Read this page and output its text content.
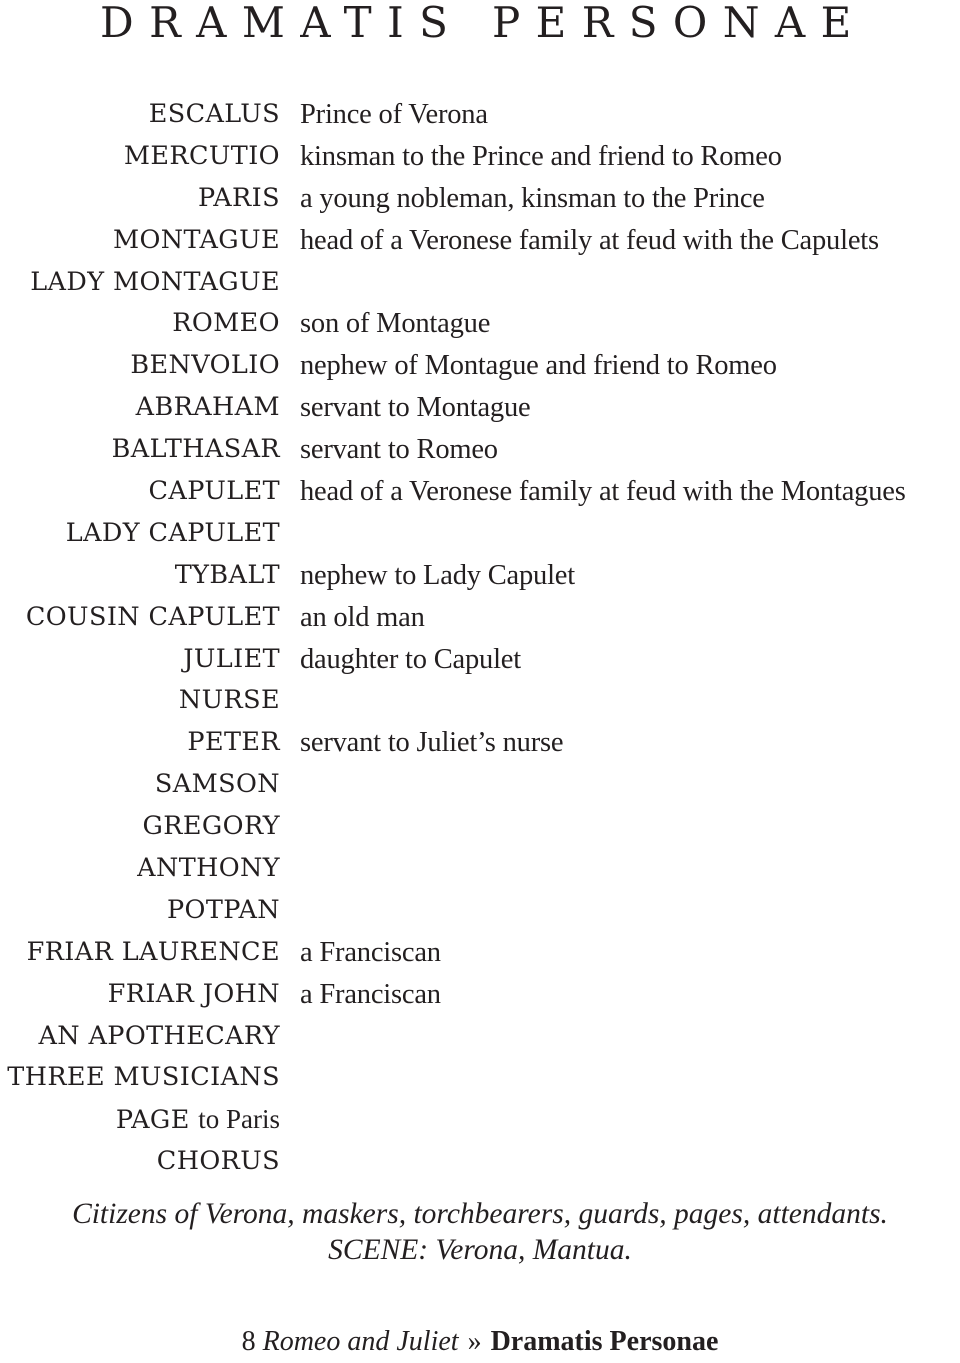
DRAMATIS PERSONAE
ESCALUS Prince of Verona
MERCUTIO kinsman to the Prince and friend to Romeo
PARIS a young nobleman, kinsman to the Prince
MONTAGUE head of a Veronese family at feud with the Capulets
LADY MONTAGUE
ROMEO son of Montague
BENVOLIO nephew of Montague and friend to Romeo
ABRAHAM servant to Montague
BALTHASAR servant to Romeo
CAPULET head of a Veronese family at feud with the Montagues
LADY CAPULET
TYBALT nephew to Lady Capulet
COUSIN CAPULET an old man
JULIET daughter to Capulet
NURSE
PETER servant to Juliet’s nurse
SAMSON
GREGORY
ANTHONY
POTPAN
FRIAR LAURENCE a Franciscan
FRIAR JOHN a Franciscan
AN APOTHECARY
THREE MUSICIANS
PAGE to Paris
CHORUS
Citizens of Verona, maskers, torchbearers, guards, pages, attendants.
SCENE: Verona, Mantua.
8 Romeo and Juliet » Dramatis Personae
